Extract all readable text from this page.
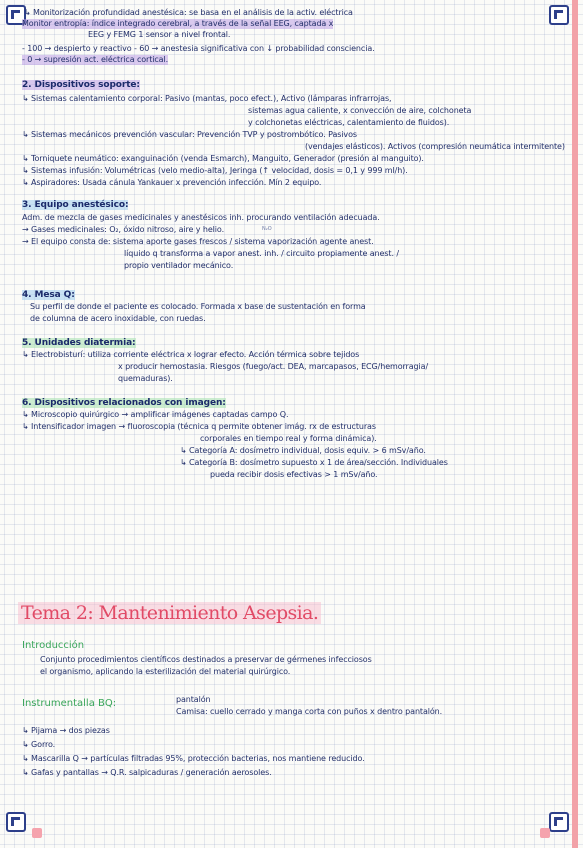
↳ Monitorización profundidad anestésica: se basa en el análisis de la activ. eléctrica
Monitor entropía: índice integrado cerebral, a través de la señal EEG, captada x
EEG y FEMG 1 sensor a nivel frontal.
- 100 → despierto y reactivo - 60 → anestesia significativa con ↓ probabilidad consciencia.
- 0 → supresión act. eléctrica cortical.
2. Dispositivos soporte:
↳ Sistemas calentamiento corporal: Pasivo (mantas, poco efect.), Activo (lámparas infrarrojas,
sistemas agua caliente, x convección de aire, colchoneta
y colchonetas eléctricas, calentamiento de fluidos).
↳ Sistemas mecánicos prevención vascular: Prevención TVP y postrombótico. Pasivos
(vendajes elásticos). Activos (compresión neumática intermitente)
↳ Torniquete neumático: exanguinación (venda Esmarch), Manguito, Generador (presión al manguito).
↳ Sistemas infusión: Volumétricas (velo medio-alta), Jeringa (↑ velocidad, dosis = 0,1 y 999 ml/h).
↳ Aspiradores: Usada cánula Yankauer x prevención infección. Mín 2 equipo.
3. Equipo anestésico:
Adm. de mezcla de gases medicinales y anestésicos inh. procurando ventilación adecuada.
→ Gases medicinales: O₂, óxido nitroso, aire y helio.	N₂O
→ El equipo consta de: sistema aporte gases frescos / sistema vaporización agente anest.
líquido q transforma a vapor anest. inh. / circuito propiamente anest. /
propio ventilador mecánico.
4. Mesa Q:
Su perfil de donde el paciente es colocado. Formada x base de sustentación en forma
de columna de acero inoxidable, con ruedas.
5. Unidades diatermia:
↳ Electrobisturí: utiliza corriente eléctrica x lograr efecto. Acción térmica sobre tejidos
x producir hemostasia. Riesgos (fuego/act. DEA, marcapasos, ECG/hemorragia/
quemaduras).
6. Dispositivos relacionados con imagen:
↳ Microscopio quirúrgico → amplificar imágenes captadas campo Q.
↳ Intensificador imagen → fluoroscopia (técnica q permite obtener imág. rx de estructuras
corporales en tiempo real y forma dinámica).
↳ Categoría A: dosímetro individual, dosis equiv. > 6 mSv/año.
↳ Categoría B: dosímetro supuesto x 1 de área/sección. Individuales
pueda recibir dosis efectivas > 1 mSv/año.
Tema 2: Mantenimiento Asepsia.
Introducción
Conjunto procedimientos científicos destinados a preservar de gérmenes infecciosos
el organismo, aplicando la esterilización del material quirúrgico.
Instrumentalla BQ:	pantalón
Camisa: cuello cerrado y manga corta con puños x dentro pantalón.
↳ Pijama → dos piezas
↳ Gorro.
↳ Mascarilla Q → partículas filtradas 95%, protección bacterias, nos mantiene reducido.
↳ Gafas y pantallas → Q.R. salpicaduras / generación aerosoles.
